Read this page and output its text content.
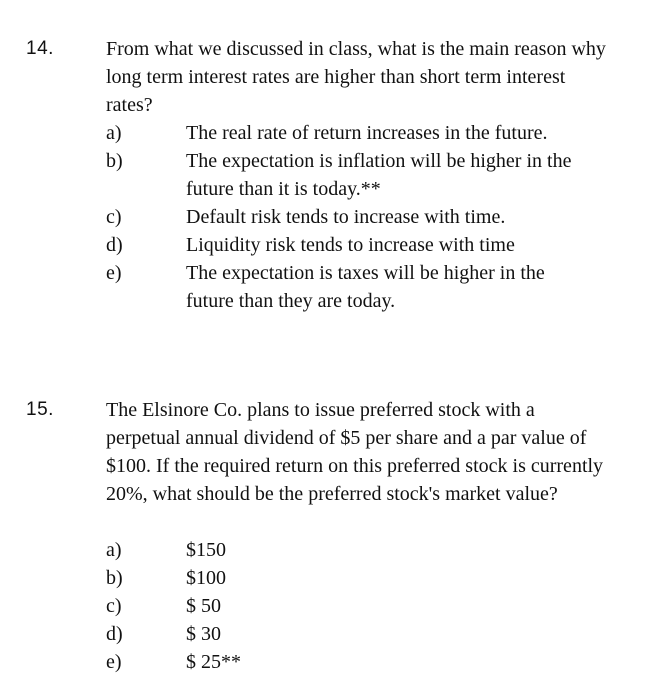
14.	From what we discussed in class, what is the main reason why long term interest rates are higher than short term interest rates?

a)	The real rate of return increases in the future.
b)	The expectation is inflation will be higher in the future than it is today.**
c)	Default risk tends to increase with time.
d)	Liquidity risk tends to increase with time
e)	The expectation is taxes will be higher in the future than they are today.
15.	The Elsinore Co. plans to issue preferred stock with a perpetual annual dividend of $5 per share and a par value of $100. If the required return on this preferred stock is currently 20%, what should be the preferred stock's market value?

a)	$150
b)	$100
c)	$ 50
d)	$ 30
e)	$ 25**
